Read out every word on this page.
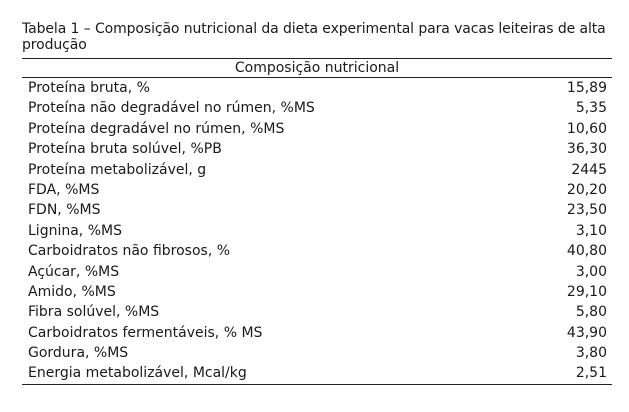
Tabela 1 – Composição nutricional da dieta experimental para vacas leiteiras de alta produção
Composição nutricional
Proteína bruta, %	15,89
Proteína não degradável no rúmen, %MS	5,35
Proteína degradável no rúmen, %MS	10,60
Proteína bruta solúvel, %PB	36,30
Proteína metabolizável, g	2445
FDA, %MS	20,20
FDN, %MS	23,50
Lignina, %MS	3,10
Carboidratos não fibrosos, %	40,80
Açúcar, %MS	3,00
Amido, %MS	29,10
Fibra solúvel, %MS	5,80
Carboidratos fermentáveis, % MS	43,90
Gordura, %MS	3,80
Energia metabolizável, Mcal/kg	2,51
